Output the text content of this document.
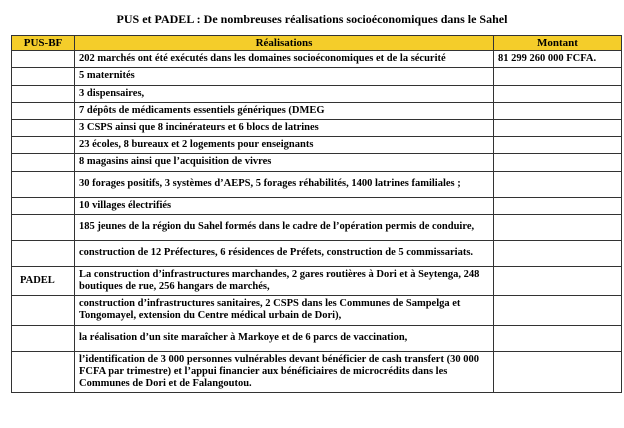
PUS et PADEL : De nombreuses réalisations socioéconomiques dans le Sahel
PUS-BF	Réalisations	Montant
	202 marchés ont été exécutés dans les domaines socioéconomiques et de la sécurité	81 299 260 000 FCFA.
	5 maternités	
	3 dispensaires,	
	7 dépôts de médicaments essentiels génériques (DMEG	
	3 CSPS ainsi que 8 incinérateurs et 6 blocs de latrines	
	23 écoles, 8 bureaux et 2 logements pour enseignants	
	8 magasins ainsi que l’acquisition de vivres	
	30 forages positifs, 3 systèmes d’AEPS, 5 forages réhabilités, 1400 latrines familiales ;	
	10 villages électrifiés	
	185 jeunes de la région du Sahel formés dans le cadre de l’opération permis de conduire,	
	construction de 12 Préfectures, 6 résidences de Préfets, construction de 5 commissariats.	
PADEL	La construction d’infrastructures marchandes, 2 gares routières à Dori et à Seytenga, 248 boutiques de rue, 256 hangars de marchés,	
	construction d’infrastructures sanitaires, 2 CSPS dans les Communes de Sampelga et Tongomayel, extension du Centre médical urbain de Dori),	
	la réalisation d’un site maraîcher à Markoye et de 6 parcs de vaccination,	
	l’identification de 3 000 personnes vulnérables devant bénéficier de cash transfert (30 000 FCFA par trimestre) et l’appui financier aux bénéficiaires de microcrédits dans les Communes de Dori et de Falangoutou.	
